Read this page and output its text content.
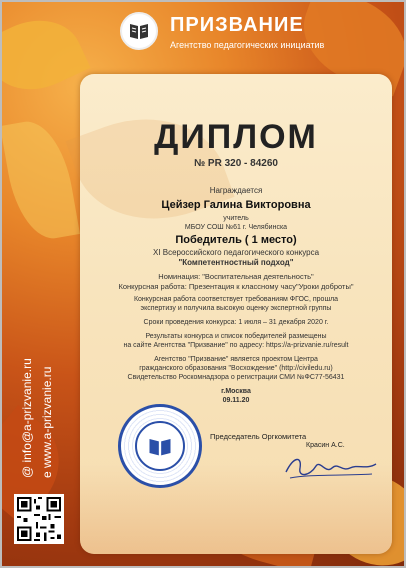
ПРИЗВАНИЕ
Агентство педагогических инициатив
ДИПЛОМ
№ PR 320 - 84260
Награждается
Цейзер Галина Викторовна
учитель
МБОУ СОШ №61 г. Челябинска
Победитель ( 1 место)
XI Всероссийского педагогического конкурса
"Компетентностный подход"
Номинация: "Воспитательная деятельность"
Конкурсная работа: Презентация к классному часу"Уроки доброты"
Конкурсная работа соответствует требованиям ФГОС, прошла
экспертизу и получила высокую оценку экспертной группы
Сроки проведения конкурса: 1 июля – 31 декабря 2020 г.
Результаты конкурса и список победителей размещены
на сайте Агентства "Призвание" по адресу: https://a-prizvanie.ru/result
Агентство "Призвание" является проектом Центра
гражданского образования "Восхождение" (http://civiledu.ru)
Свидетельство Роскомнадзора о регистрации СМИ №ФС77-56431
г.Москва
09.11.20
Председатель Оргкомитета
Красин А.С.
@ info@a-prizvanie.ru e www.a-prizvanie.ru
